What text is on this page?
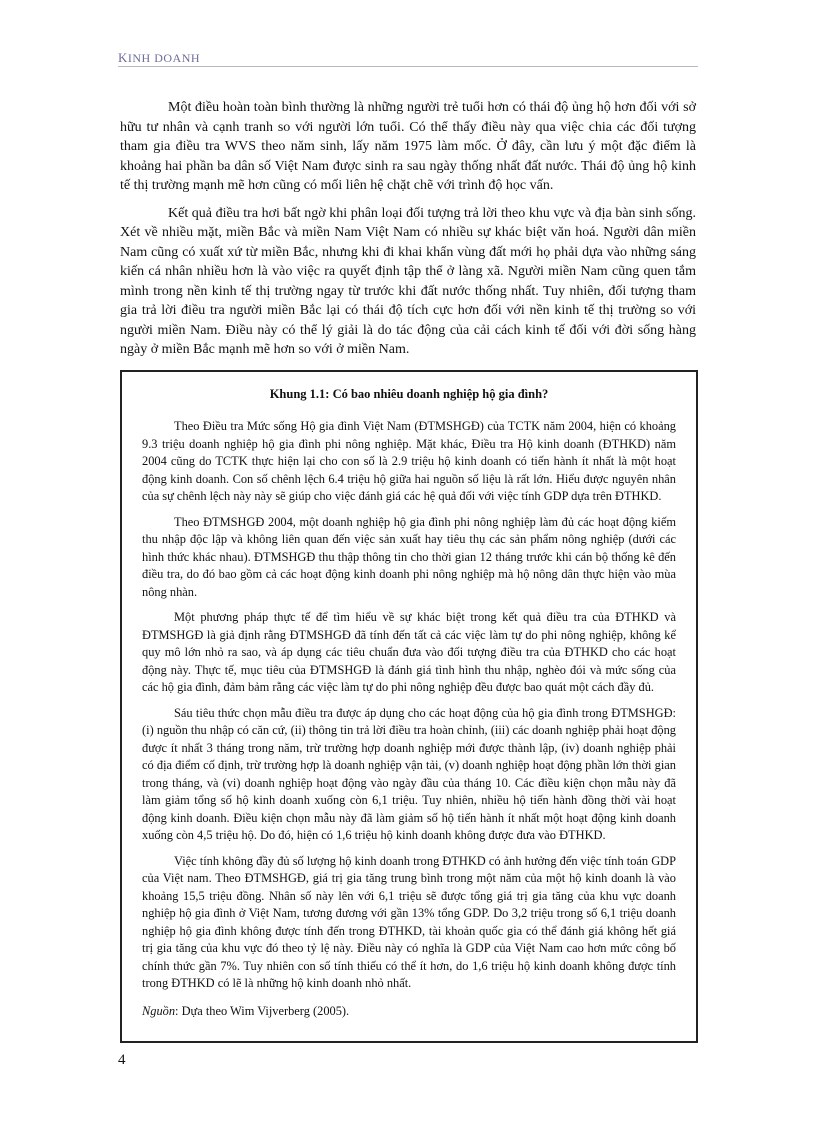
KINH DOANH

Một điều hoàn toàn bình thường là những người trẻ tuổi hơn có thái độ ủng hộ hơn đối với sở hữu tư nhân và cạnh tranh so với người lớn tuổi. Có thể thấy điều này qua việc chia các đối tượng tham gia điều tra WVS theo năm sinh, lấy năm 1975 làm mốc. Ở đây, cần lưu ý một đặc điểm là khoảng hai phần ba dân số Việt Nam được sinh ra sau ngày thống nhất đất nước. Thái độ ủng hộ kinh tế thị trường mạnh mẽ hơn cũng có mối liên hệ chặt chẽ với trình độ học vấn.

Kết quả điều tra hơi bất ngờ khi phân loại đối tượng trả lời theo khu vực và địa bàn sinh sống. Xét về nhiều mặt, miền Bắc và miền Nam Việt Nam có nhiều sự khác biệt văn hoá. Người dân miền Nam cũng có xuất xứ từ miền Bắc, nhưng khi đi khai khẩn vùng đất mới họ phải dựa vào những sáng kiến cá nhân nhiều hơn là vào việc ra quyết định tập thể ở làng xã. Người miền Nam cũng quen tắm mình trong nền kinh tế thị trường ngay từ trước khi đất nước thống nhất. Tuy nhiên, đối tượng tham gia trả lời điều tra người miền Bắc lại có thái độ tích cực hơn đối với nền kinh tế thị trường so với người miền Nam. Điều này có thể lý giải là do tác động của cải cách kinh tế đối với đời sống hàng ngày ở miền Bắc mạnh mẽ hơn so với ở miền Nam.

Khung 1.1: Có bao nhiêu doanh nghiệp hộ gia đình?

Theo Điều tra Mức sống Hộ gia đình Việt Nam (ĐTMSHGĐ) của TCTK năm 2004, hiện có khoảng 9.3 triệu doanh nghiệp hộ gia đình phi nông nghiệp. Mặt khác, Điều tra Hộ kinh doanh (ĐTHKD) năm 2004 cũng do TCTK thực hiện lại cho con số là 2.9 triệu hộ kinh doanh có tiến hành ít nhất là một hoạt động kinh doanh. Con số chênh lệch 6.4 triệu hộ giữa hai nguồn số liệu là rất lớn. Hiểu được nguyên nhân của sự chênh lệch này này sẽ giúp cho việc đánh giá các hệ quả đối với việc tính GDP dựa trên ĐTHKD.

Theo ĐTMSHGĐ 2004, một doanh nghiệp hộ gia đình phi nông nghiệp làm đủ các hoạt động kiếm thu nhập độc lập và không liên quan đến việc sản xuất hay tiêu thụ các sản phẩm nông nghiệp (dưới các hình thức khác nhau). ĐTMSHGĐ thu thập thông tin cho thời gian 12 tháng trước khi cán bộ thống kê đến điều tra, do đó bao gồm cả các hoạt động kinh doanh phi nông nghiệp mà hộ nông dân thực hiện vào mùa nông nhàn.

Một phương pháp thực tế để tìm hiểu về sự khác biệt trong kết quả điều tra của ĐTHKD và ĐTMSHGĐ là giả định rằng ĐTMSHGĐ đã tính đến tất cả các việc làm tự do phi nông nghiệp, không kể quy mô lớn nhỏ ra sao, và áp dụng các tiêu chuẩn đưa vào đối tượng điều tra của ĐTHKD cho các hoạt động này. Thực tế, mục tiêu của ĐTMSHGĐ là đánh giá tình hình thu nhập, nghèo đói và mức sống của các hộ gia đình, đảm bảm rằng các việc làm tự do phi nông nghiệp đều được bao quát một cách đầy đủ.

Sáu tiêu thức chọn mẫu điều tra được áp dụng cho các hoạt động của hộ gia đình trong ĐTMSHGĐ: (i) nguồn thu nhập có căn cứ, (ii) thông tin trả lời điều tra hoàn chỉnh, (iii) các doanh nghiệp phải hoạt động được ít nhất 3 tháng trong năm, trừ trường hợp doanh nghiệp mới được thành lập, (iv) doanh nghiệp phải có địa điểm cố định, trừ trường hợp là doanh nghiệp vận tải, (v) doanh nghiệp hoạt động phần lớn thời gian trong tháng, và (vi) doanh nghiệp hoạt động vào ngày đầu của tháng 10. Các điều kiện chọn mẫu này đã làm giảm tổng số hộ kinh doanh xuống còn 6,1 triệu. Tuy nhiên, nhiều hộ tiến hành đồng thời vài hoạt động kinh doanh. Điều kiện chọn mẫu này đã làm giảm số hộ tiến hành ít nhất một hoạt động kinh doanh xuống còn 4,5 triệu hộ. Do đó, hiện có 1,6 triệu hộ kinh doanh không được đưa vào ĐTHKD.

Việc tính không đầy đủ số lượng hộ kinh doanh trong ĐTHKD có ảnh hưởng đến việc tính toán GDP của Việt nam. Theo ĐTMSHGĐ, giá trị gia tăng trung bình trong một năm của một hộ kinh doanh là vào khoảng 15,5 triệu đồng. Nhân số này lên với 6,1 triệu sẽ được tổng giá trị gia tăng của khu vực doanh nghiệp hộ gia đình ở Việt Nam, tương đương với gần 13% tổng GDP. Do 3,2 triệu trong số 6,1 triệu doanh nghiệp hộ gia đình không được tính đến trong ĐTHKD, tài khoản quốc gia có thể đánh giá không hết giá trị gia tăng của khu vực đó theo tỷ lệ này. Điều này có nghĩa là GDP của Việt Nam cao hơn mức công bố chính thức gần 7%. Tuy nhiên con số tính thiếu có thể ít hơn, do 1,6 triệu hộ kinh doanh không được tính trong ĐTHKD có lẽ là những hộ kinh doanh nhỏ nhất.

Nguồn: Dựa theo Wim Vijverberg (2005).

4
